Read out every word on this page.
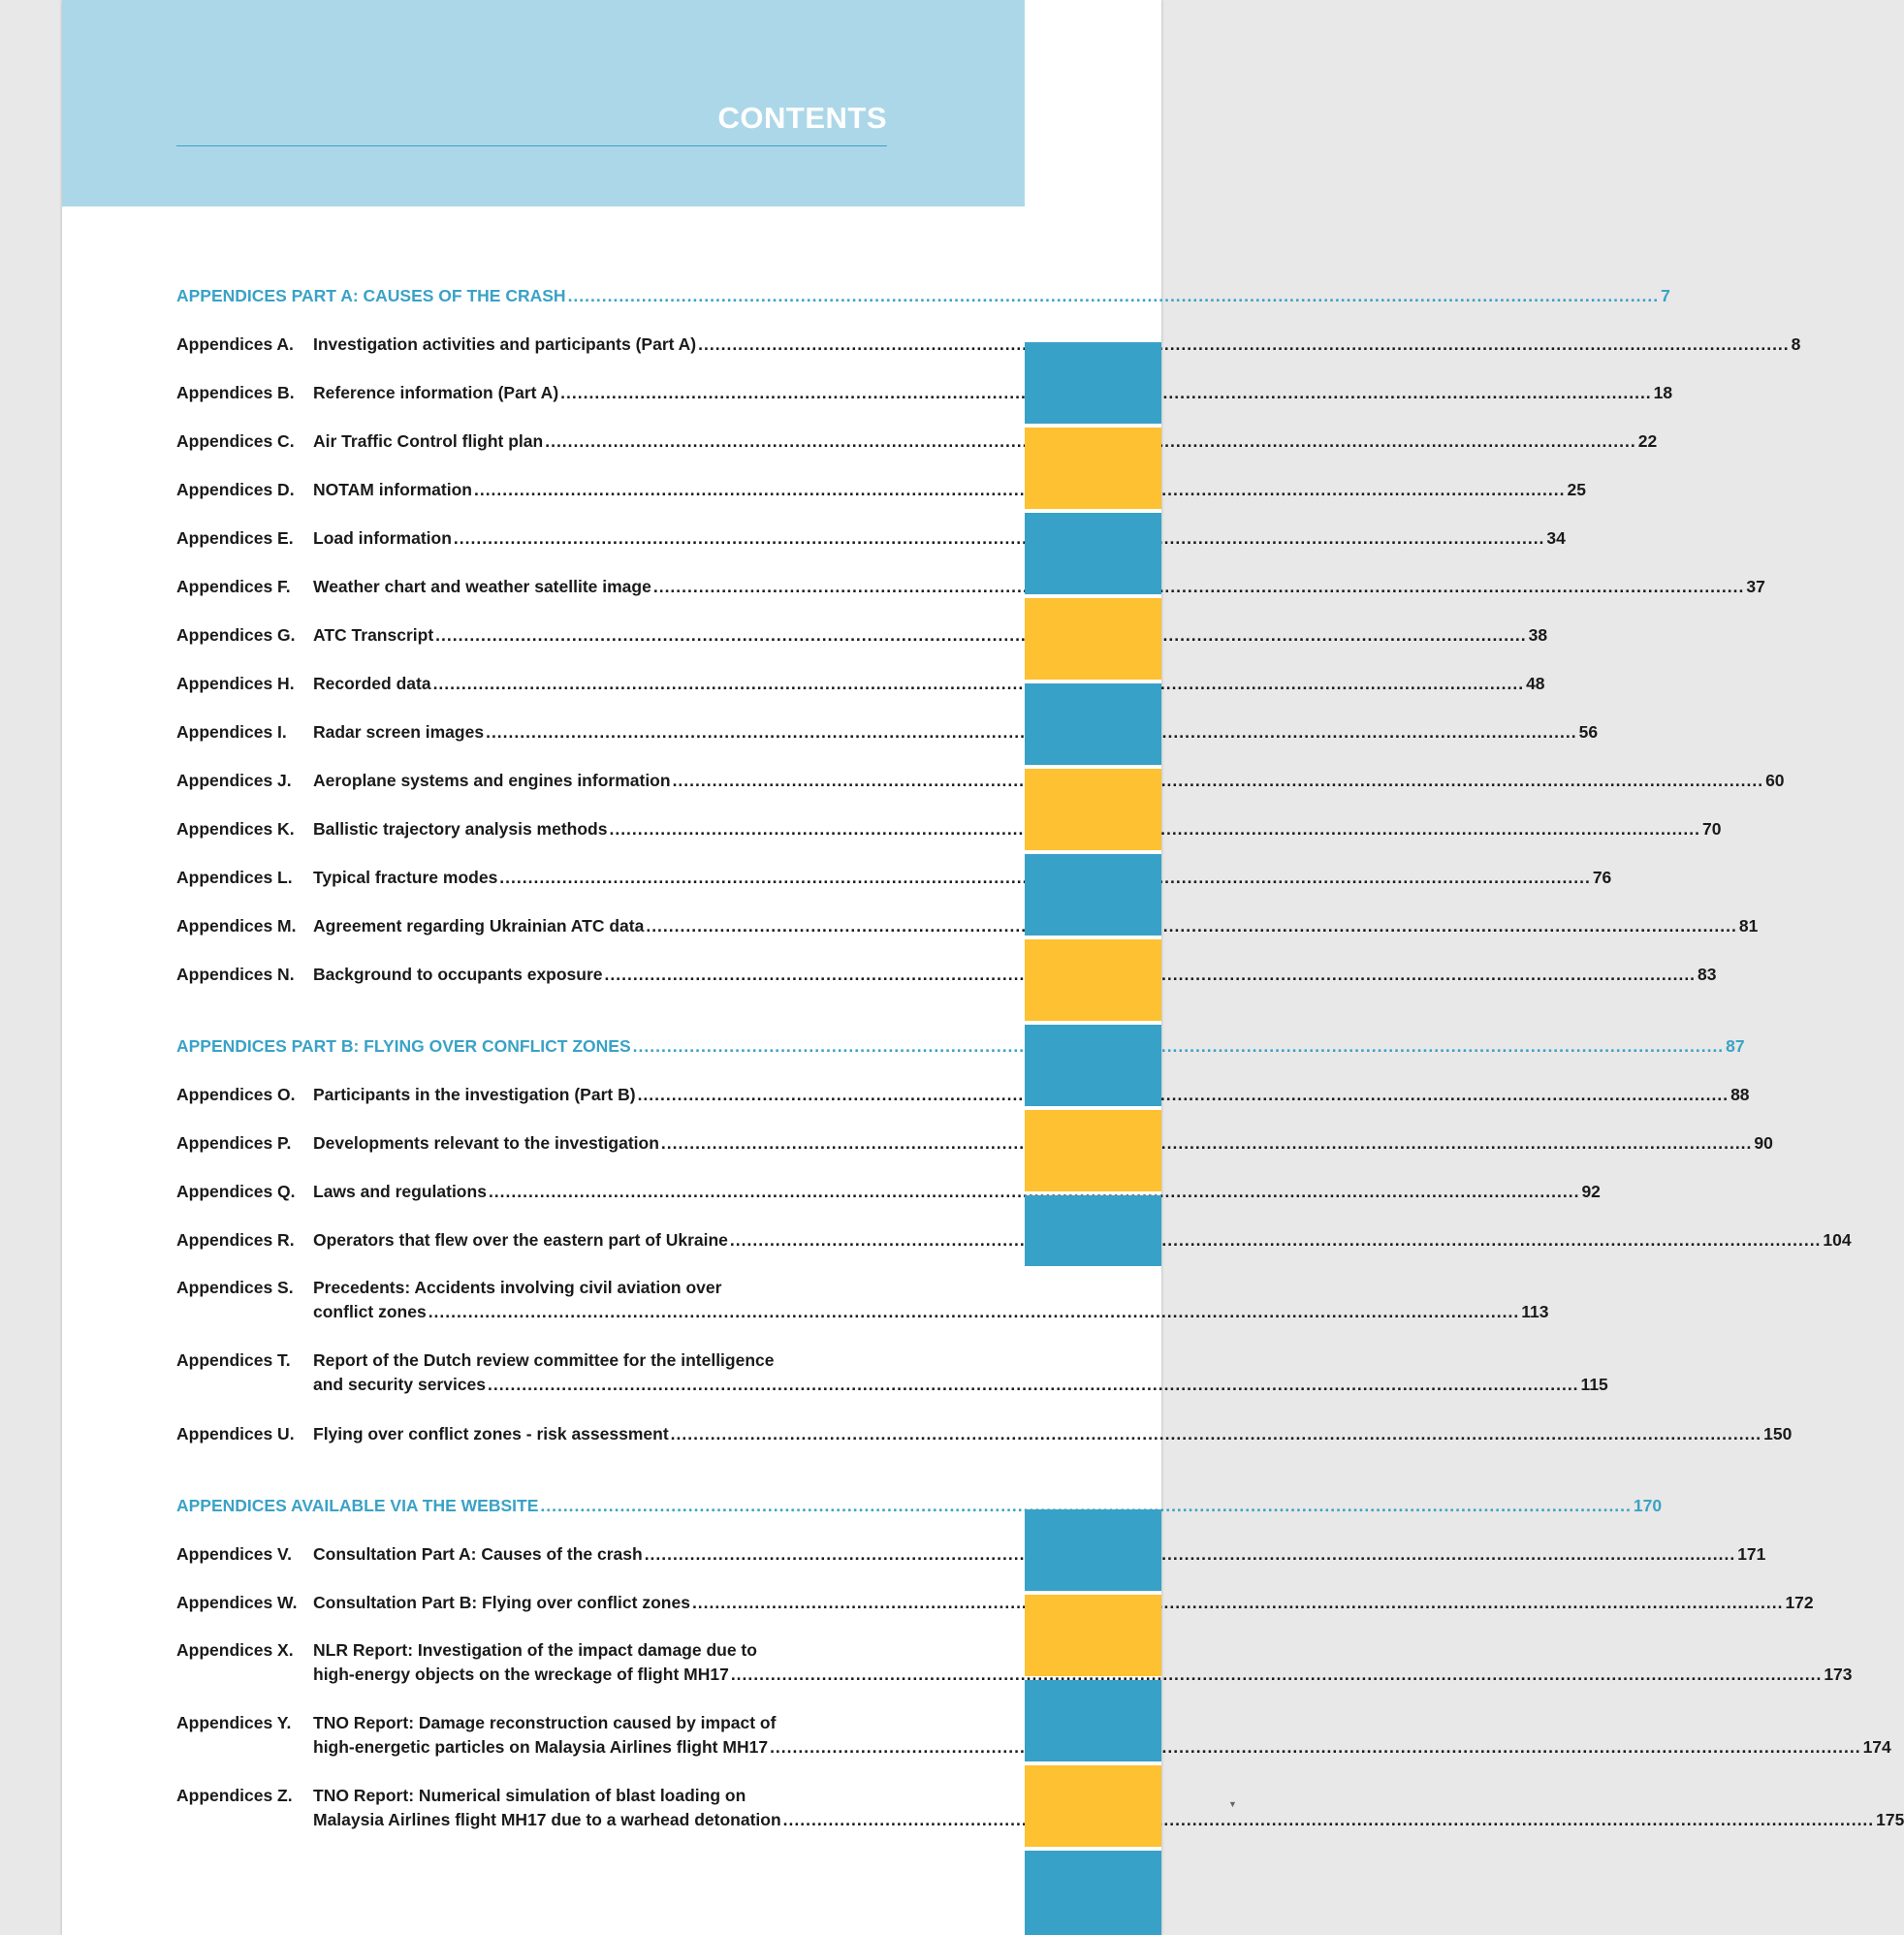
CONTENTS
APPENDICES PART A: CAUSES OF THE CRASH .....	7
Appendices A.	Investigation activities and participants (Part A) .....	8
Appendices B.	Reference information (Part A) .....	18
Appendices C.	Air Traffic Control flight plan .....	22
Appendices D.	NOTAM information .....	25
Appendices E.	Load information .....	34
Appendices F.	Weather chart and weather satellite image .....	37
Appendices G.	ATC Transcript .....	38
Appendices H.	Recorded data .....	48
Appendices I.	Radar screen images .....	56
Appendices J.	Aeroplane systems and engines information .....	60
Appendices K.	Ballistic trajectory analysis methods .....	70
Appendices L.	Typical fracture modes .....	76
Appendices M.	Agreement regarding Ukrainian ATC data .....	81
Appendices N.	Background to occupants exposure .....	83
APPENDICES PART B: FLYING OVER CONFLICT ZONES .....	87
Appendices O.	Participants in the investigation (Part B) .....	88
Appendices P.	Developments relevant to the investigation .....	90
Appendices Q.	Laws and regulations .....	92
Appendices R.	Operators that flew over the eastern part of Ukraine .....	104
Appendices S.	Precedents: Accidents involving civil aviation over
conflict zones .....	113
Appendices T.	Report of the Dutch review committee for the intelligence
and security services .....	115
Appendices U.	Flying over conflict zones - risk assessment .....	150
APPENDICES AVAILABLE VIA THE WEBSITE .....	170
Appendices V.	Consultation Part A: Causes of the crash .....	171
Appendices W. Consultation Part B: Flying over conflict zones .....	172
Appendices X.	NLR Report: Investigation of the impact damage due to
high-energy objects on the wreckage of flight MH17 .....	173
Appendices Y.	TNO Report: Damage reconstruction caused by impact of
high-energetic particles on Malaysia Airlines flight MH17 .....	174
Appendices Z.	TNO Report: Numerical simulation of blast loading on
Malaysia Airlines flight MH17 due to a warhead detonation .....	175
▼
